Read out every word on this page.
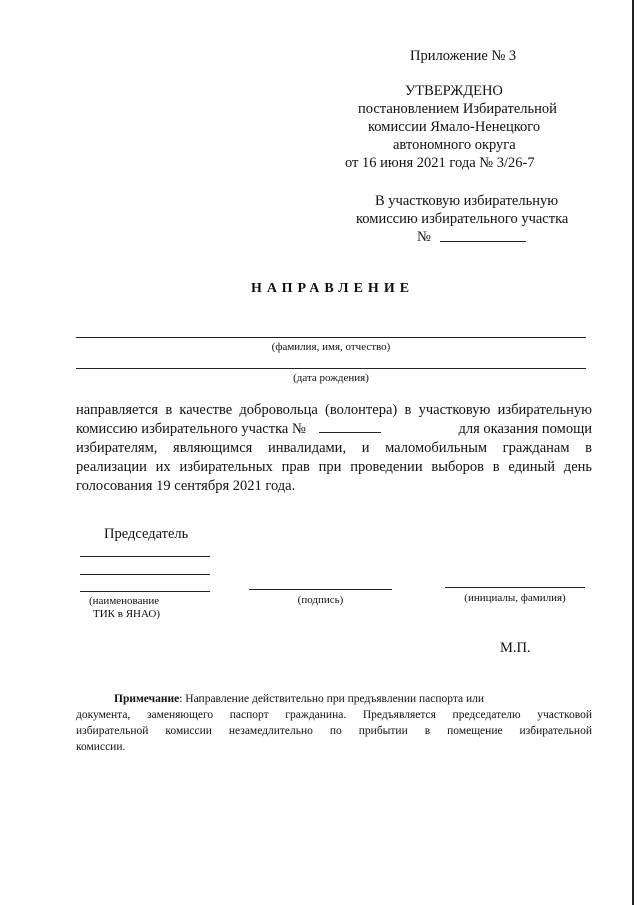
Приложение № 3
УТВЕРЖДЕНО
постановлением Избирательной
комиссии Ямало-Ненецкого
автономного округа
от 16 июня 2021 года № 3/26-7
В участковую избирательную
комиссию избирательного участка
№
НАПРАВЛЕНИЕ
(фамилия, имя, отчество)
(дата рождения)
направляется в качестве добровольца (волонтера) в участковую избирательную
комиссию избирательного участка №	для оказания помощи
избирателям, являющимся инвалидами, и маломобильным гражданам в
реализации их избирательных прав при проведении выборов в единый день
голосования 19 сентября 2021 года.
Председатель
(наименование
ТИК в ЯНАО)
(подпись)	(инициалы, фамилия)
М.П.
Примечание: Направление действительно при предъявлении паспорта или
документа, заменяющего паспорт гражданина. Предъявляется председателю участковой
избирательной комиссии незамедлительно по прибытии в помещение избирательной
комиссии.
